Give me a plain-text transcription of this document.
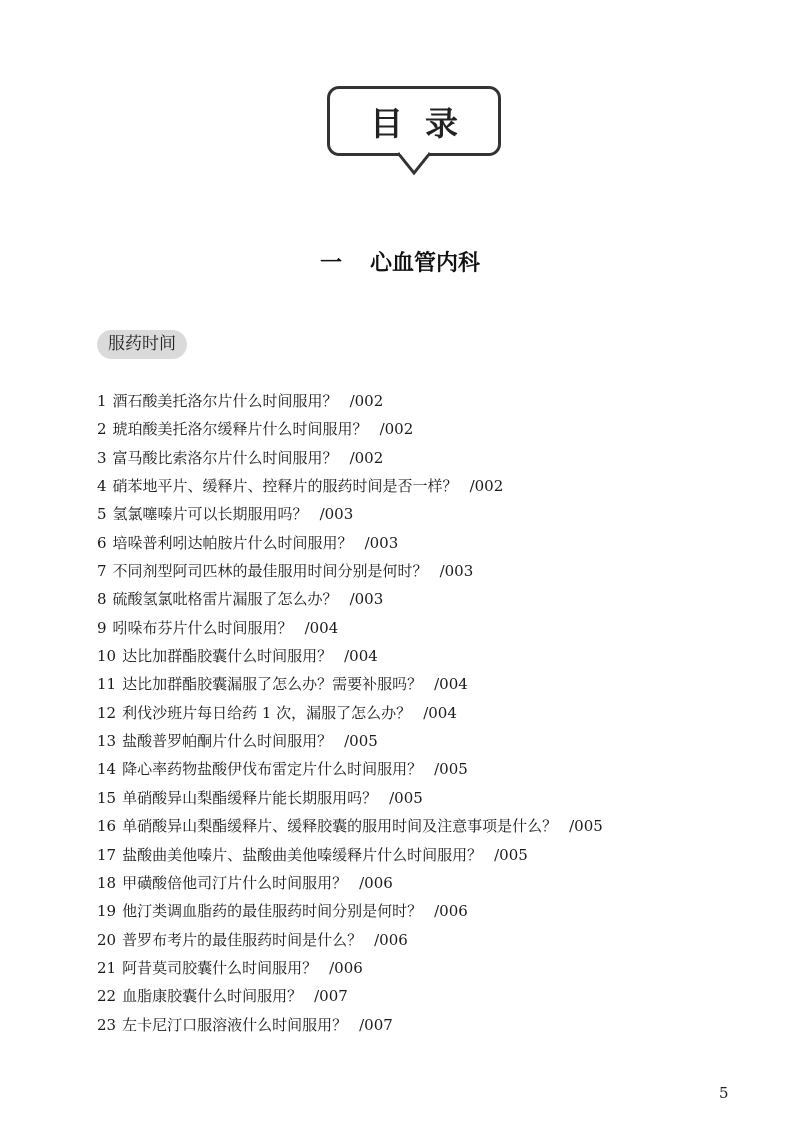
目录
一 心血管内科
服药时间
1 酒石酸美托洛尔片什么时间服用？ /002
2 琥珀酸美托洛尔缓释片什么时间服用？ /002
3 富马酸比索洛尔片什么时间服用？ /002
4 硝苯地平片、缓释片、控释片的服药时间是否一样？ /002
5 氢氯噻嗪片可以长期服用吗？ /003
6 培哚普利吲达帕胺片什么时间服用？ /003
7 不同剂型阿司匹林的最佳服用时间分别是何时？ /003
8 硫酸氢氯吡格雷片漏服了怎么办？ /003
9 吲哚布芬片什么时间服用？ /004
10 达比加群酯胶囊什么时间服用？ /004
11 达比加群酯胶囊漏服了怎么办？需要补服吗？ /004
12 利伐沙班片每日给药 1 次，漏服了怎么办？ /004
13 盐酸普罗帕酮片什么时间服用？ /005
14 降心率药物盐酸伊伐布雷定片什么时间服用？ /005
15 单硝酸异山梨酯缓释片能长期服用吗？ /005
16 单硝酸异山梨酯缓释片、缓释胶囊的服用时间及注意事项是什么？ /005
17 盐酸曲美他嗪片、盐酸曲美他嗪缓释片什么时间服用？ /005
18 甲磺酸倍他司汀片什么时间服用？ /006
19 他汀类调血脂药的最佳服药时间分别是何时？ /006
20 普罗布考片的最佳服药时间是什么？ /006
21 阿昔莫司胶囊什么时间服用？ /006
22 血脂康胶囊什么时间服用？ /007
23 左卡尼汀口服溶液什么时间服用？ /007
5
